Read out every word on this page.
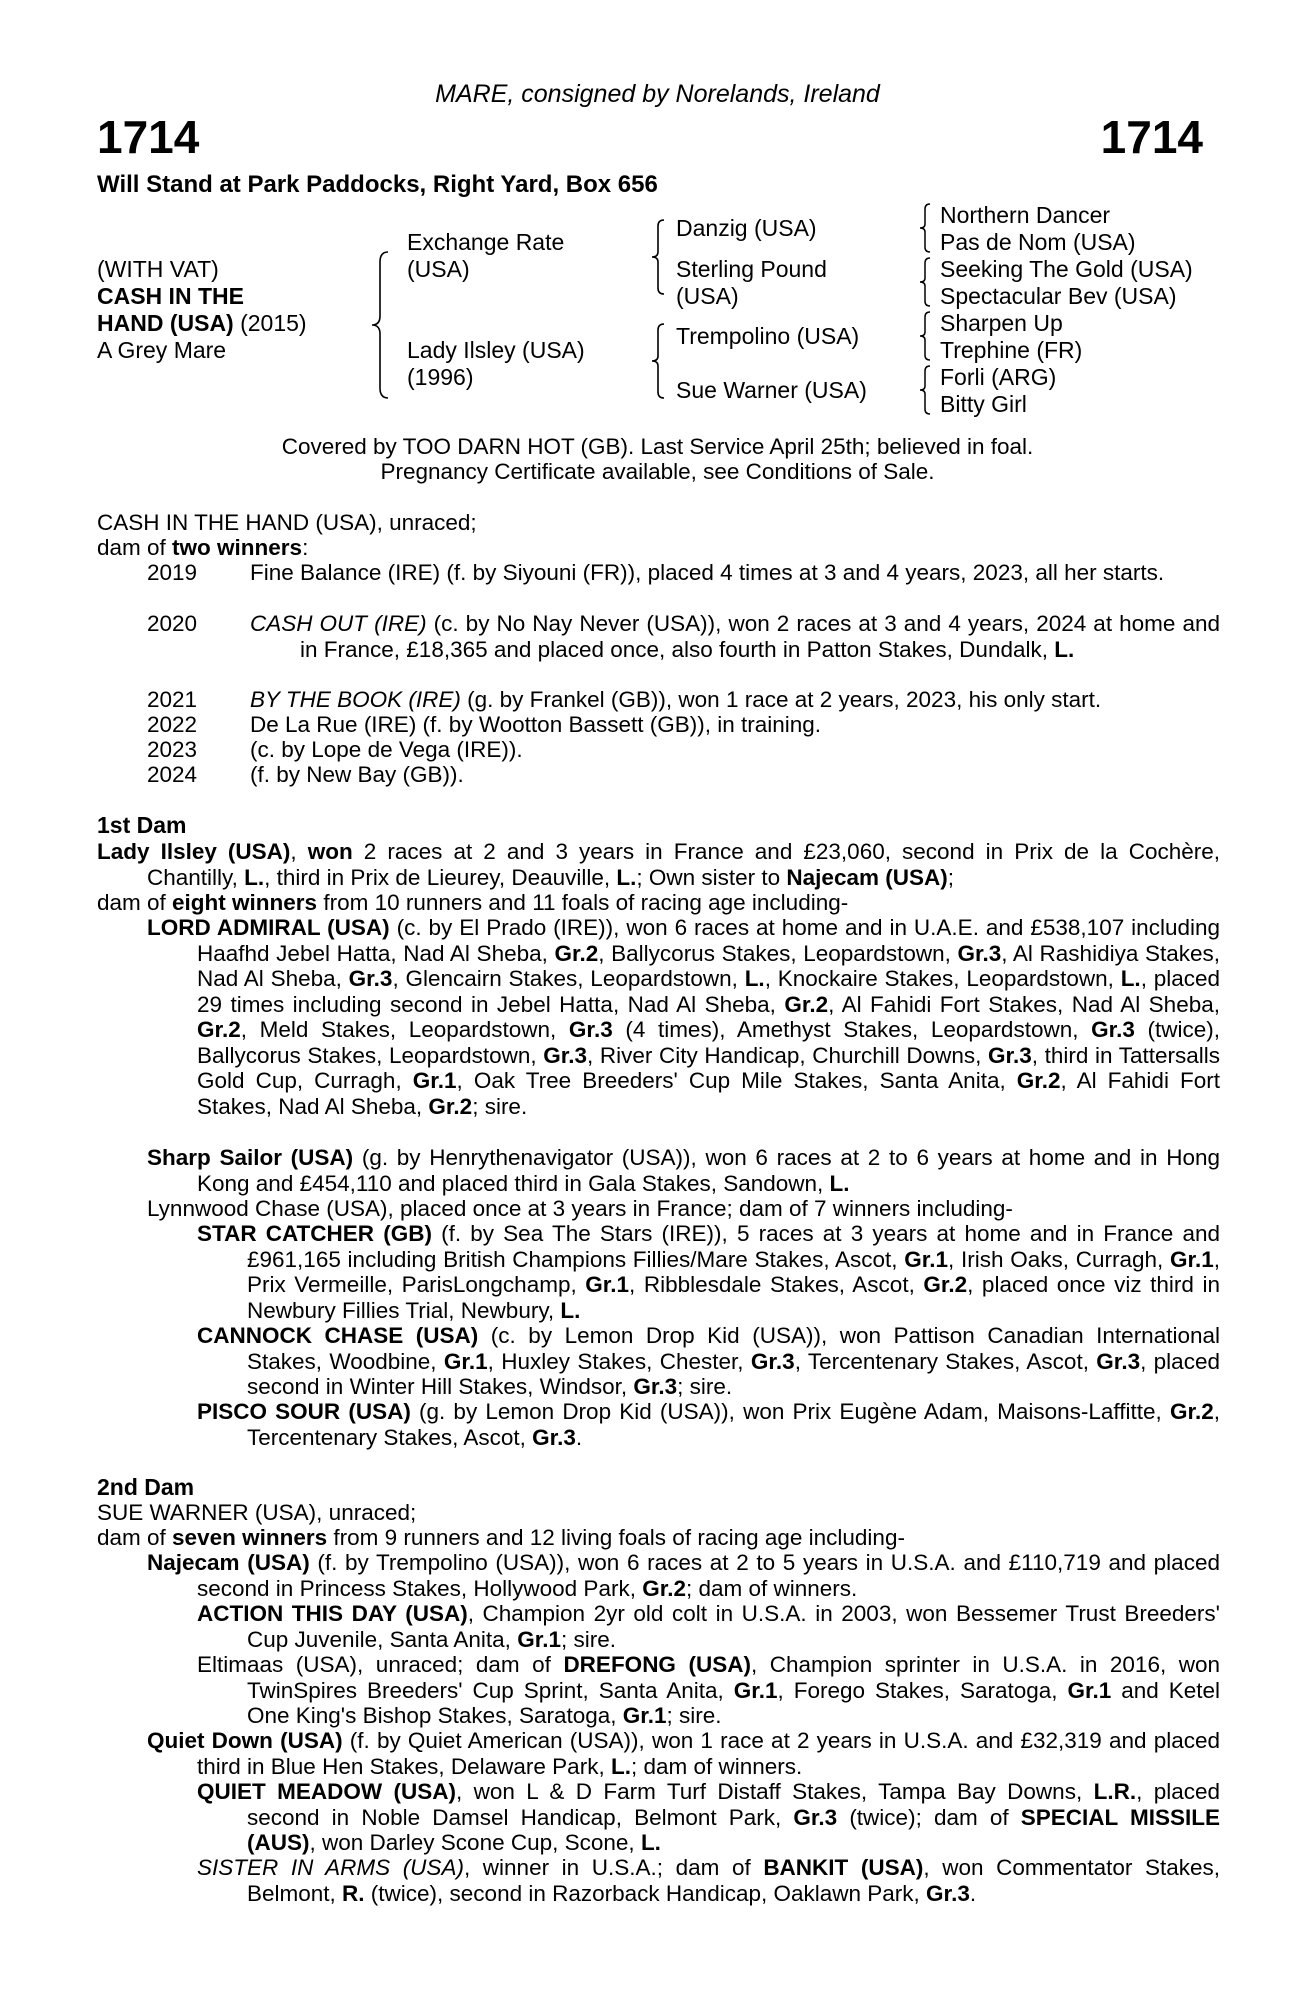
MARE, consigned by Norelands, Ireland
1714	1714
Will Stand at Park Paddocks, Right Yard, Box 656
(WITH VAT)
CASH IN THE
HAND (USA) (2015)
A Grey Mare
Exchange Rate
(USA)
Lady Ilsley (USA)
(1996)
Danzig (USA)
Sterling Pound
(USA)
Trempolino (USA)
Sue Warner (USA)
Northern Dancer
Pas de Nom (USA)
Seeking The Gold (USA)
Spectacular Bev (USA)
Sharpen Up
Trephine (FR)
Forli (ARG)
Bitty Girl
Covered by TOO DARN HOT (GB). Last Service April 25th; believed in foal.
Pregnancy Certificate available, see Conditions of Sale.
CASH IN THE HAND (USA), unraced;
dam of two winners:
2019 Fine Balance (IRE) (f. by Siyouni (FR)), placed 4 times at 3 and 4 years, 2023, all her starts.
2020 CASH OUT (IRE) (c. by No Nay Never (USA)), won 2 races at 3 and 4 years, 2024 at home and in France, £18,365 and placed once, also fourth in Patton Stakes, Dundalk, L.
2021 BY THE BOOK (IRE) (g. by Frankel (GB)), won 1 race at 2 years, 2023, his only start.
2022 De La Rue (IRE) (f. by Wootton Bassett (GB)), in training.
2023 (c. by Lope de Vega (IRE)).
2024 (f. by New Bay (GB)).
1st Dam
Lady Ilsley (USA), won 2 races at 2 and 3 years in France and £23,060, second in Prix de la Cochère, Chantilly, L., third in Prix de Lieurey, Deauville, L.; Own sister to Najecam (USA);
dam of eight winners from 10 runners and 11 foals of racing age including-
LORD ADMIRAL (USA) (c. by El Prado (IRE)), won 6 races at home and in U.A.E. and £538,107 including Haafhd Jebel Hatta, Nad Al Sheba, Gr.2, Ballycorus Stakes, Leopardstown, Gr.3, Al Rashidiya Stakes, Nad Al Sheba, Gr.3, Glencairn Stakes, Leopardstown, L., Knockaire Stakes, Leopardstown, L., placed 29 times including second in Jebel Hatta, Nad Al Sheba, Gr.2, Al Fahidi Fort Stakes, Nad Al Sheba, Gr.2, Meld Stakes, Leopardstown, Gr.3 (4 times), Amethyst Stakes, Leopardstown, Gr.3 (twice), Ballycorus Stakes, Leopardstown, Gr.3, River City Handicap, Churchill Downs, Gr.3, third in Tattersalls Gold Cup, Curragh, Gr.1, Oak Tree Breeders' Cup Mile Stakes, Santa Anita, Gr.2, Al Fahidi Fort Stakes, Nad Al Sheba, Gr.2; sire.
Sharp Sailor (USA) (g. by Henrythenavigator (USA)), won 6 races at 2 to 6 years at home and in Hong Kong and £454,110 and placed third in Gala Stakes, Sandown, L.
Lynnwood Chase (USA), placed once at 3 years in France; dam of 7 winners including-
STAR CATCHER (GB) (f. by Sea The Stars (IRE)), 5 races at 3 years at home and in France and £961,165 including British Champions Fillies/Mare Stakes, Ascot, Gr.1, Irish Oaks, Curragh, Gr.1, Prix Vermeille, ParisLongchamp, Gr.1, Ribblesdale Stakes, Ascot, Gr.2, placed once viz third in Newbury Fillies Trial, Newbury, L.
CANNOCK CHASE (USA) (c. by Lemon Drop Kid (USA)), won Pattison Canadian International Stakes, Woodbine, Gr.1, Huxley Stakes, Chester, Gr.3, Tercentenary Stakes, Ascot, Gr.3, placed second in Winter Hill Stakes, Windsor, Gr.3; sire.
PISCO SOUR (USA) (g. by Lemon Drop Kid (USA)), won Prix Eugène Adam, Maisons-Laffitte, Gr.2, Tercentenary Stakes, Ascot, Gr.3.
2nd Dam
SUE WARNER (USA), unraced;
dam of seven winners from 9 runners and 12 living foals of racing age including-
Najecam (USA) (f. by Trempolino (USA)), won 6 races at 2 to 5 years in U.S.A. and £110,719 and placed second in Princess Stakes, Hollywood Park, Gr.2; dam of winners.
ACTION THIS DAY (USA), Champion 2yr old colt in U.S.A. in 2003, won Bessemer Trust Breeders' Cup Juvenile, Santa Anita, Gr.1; sire.
Eltimaas (USA), unraced; dam of DREFONG (USA), Champion sprinter in U.S.A. in 2016, won TwinSpires Breeders' Cup Sprint, Santa Anita, Gr.1, Forego Stakes, Saratoga, Gr.1 and Ketel One King's Bishop Stakes, Saratoga, Gr.1; sire.
Quiet Down (USA) (f. by Quiet American (USA)), won 1 race at 2 years in U.S.A. and £32,319 and placed third in Blue Hen Stakes, Delaware Park, L.; dam of winners.
QUIET MEADOW (USA), won L & D Farm Turf Distaff Stakes, Tampa Bay Downs, L.R., placed second in Noble Damsel Handicap, Belmont Park, Gr.3 (twice); dam of SPECIAL MISSILE (AUS), won Darley Scone Cup, Scone, L.
SISTER IN ARMS (USA), winner in U.S.A.; dam of BANKIT (USA), won Commentator Stakes, Belmont, R. (twice), second in Razorback Handicap, Oaklawn Park, Gr.3.
